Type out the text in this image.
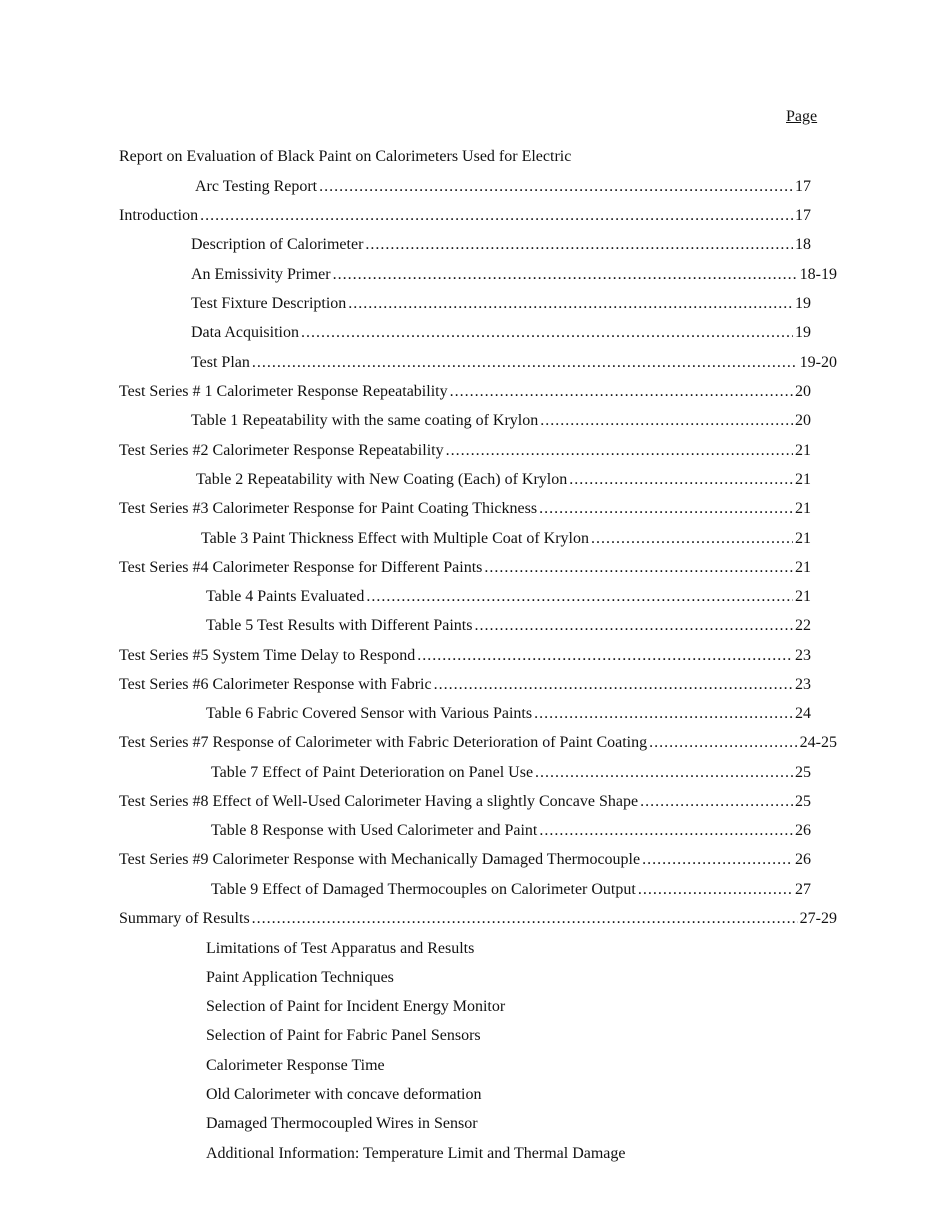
Page
Report on Evaluation of Black Paint on Calorimeters Used for Electric
Arc Testing Report .....	17
Introduction .....	17
Description of Calorimeter .....	18
An Emissivity Primer .....	18-19
Test Fixture Description .....	19
Data Acquisition .....	19
Test Plan .....	19-20
Test Series # 1 Calorimeter Response Repeatability .....	20
Table 1 Repeatability with the same coating of Krylon .....	20
Test Series #2 Calorimeter Response Repeatability .....	21
Table 2 Repeatability with New Coating (Each) of Krylon .....	21
Test Series #3 Calorimeter Response for Paint Coating Thickness .....	21
Table 3 Paint Thickness Effect with Multiple Coat of Krylon .....	21
Test Series #4 Calorimeter Response for Different Paints .....	21
Table 4 Paints Evaluated .....	21
Table 5 Test Results with Different Paints .....	22
Test Series #5 System Time Delay to Respond .....	23
Test Series #6 Calorimeter Response with Fabric .....	23
Table 6 Fabric Covered Sensor with Various Paints .....	24
Test Series #7 Response of Calorimeter with Fabric Deterioration of Paint Coating .....	24-25
Table 7 Effect of Paint Deterioration on Panel Use .....	25
Test Series #8 Effect of Well-Used Calorimeter Having a slightly Concave Shape .....	25
Table 8 Response with Used Calorimeter and Paint .....	26
Test Series #9 Calorimeter Response with Mechanically Damaged Thermocouple .....	26
Table 9 Effect of Damaged Thermocouples on Calorimeter Output .....	27
Summary of Results .....	27-29
Limitations of Test Apparatus and Results
Paint Application Techniques
Selection of Paint for Incident Energy Monitor
Selection of Paint for Fabric Panel Sensors
Calorimeter Response Time
Old Calorimeter with concave deformation
Damaged Thermocoupled Wires in Sensor
Additional Information: Temperature Limit and Thermal Damage
